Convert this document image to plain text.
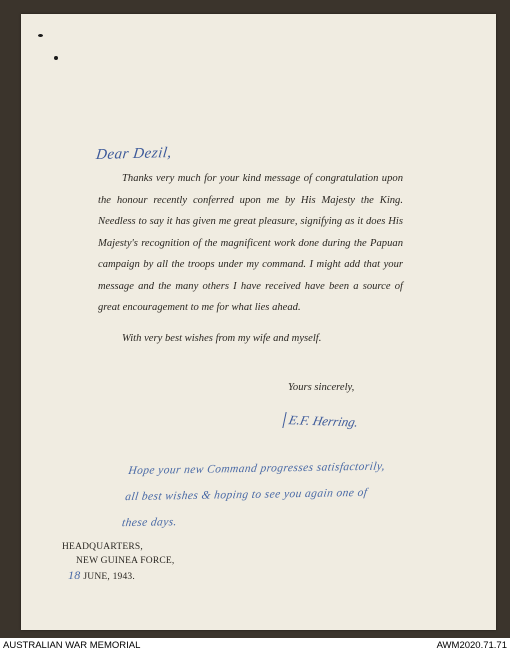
Dear Dezil,

Thanks very much for your kind message of congratulation upon the honour recently conferred upon me by His Majesty the King. Needless to say it has given me great pleasure, signifying as it does His Majesty's recognition of the magnificent work done during the Papuan campaign by all the troops under my command. I might add that your message and the many others I have received have been a source of great encouragement to me for what lies ahead.

With very best wishes from my wife and myself.

Yours sincerely,
E.F. Herring.
Hope your new Command progresses satisfactorily,
all best wishes & hoping to see you again one of
these days.
HEADQUARTERS,
NEW GUINEA FORCE,
18 JUNE, 1943.
AUSTRALIAN WAR MEMORIAL	AWM2020.71.71
